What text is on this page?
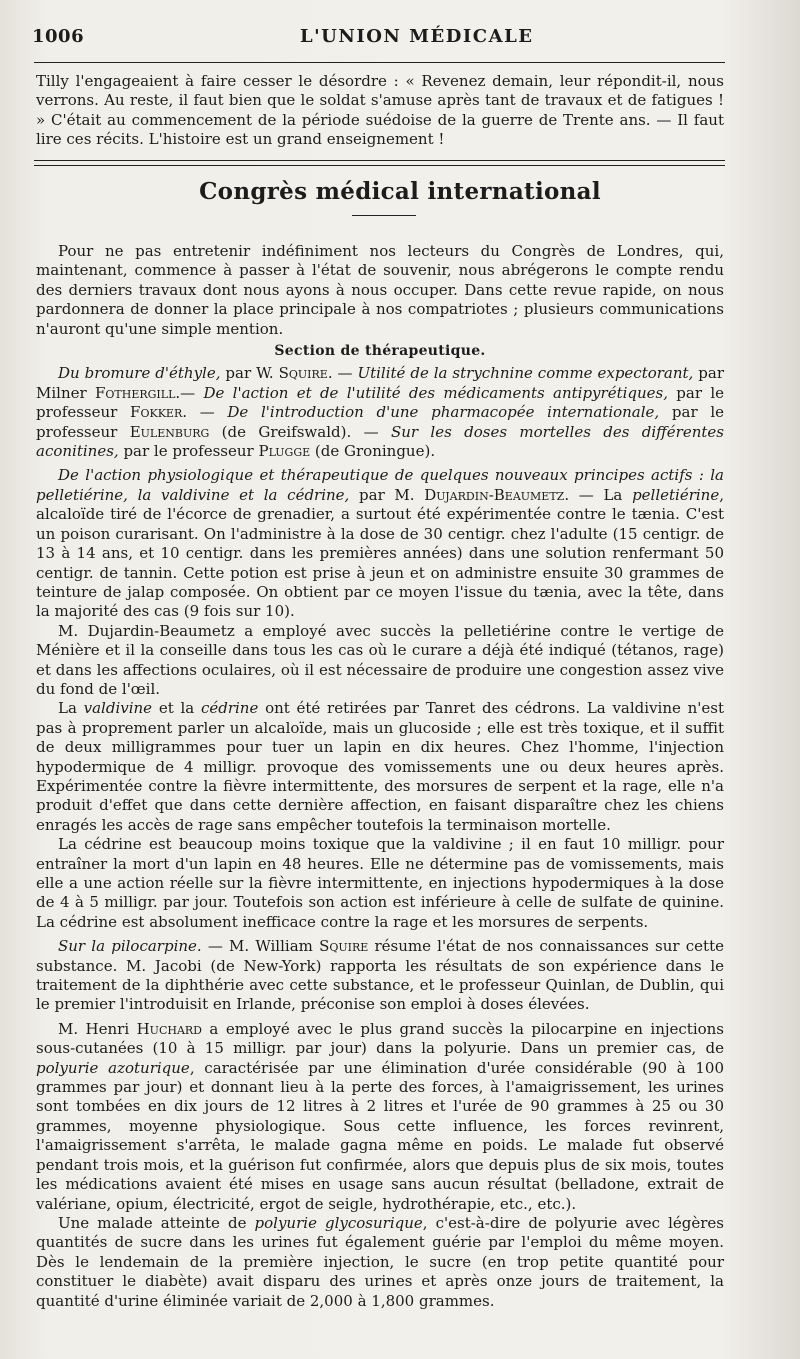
1006	L'UNION MÉDICALE

Tilly l'engageaient à faire cesser le désordre : « Revenez demain, leur répondit-il, nous verrons. Au reste, il faut bien que le soldat s'amuse après tant de travaux et de fatigues ! » C'était au commencement de la période suédoise de la guerre de Trente ans. — Il faut lire ces récits. L'histoire est un grand enseignement !

Congrès médical international

Pour ne pas entretenir indéfiniment nos lecteurs du Congrès de Londres, qui, maintenant, commence à passer à l'état de souvenir, nous abrégerons le compte rendu des derniers travaux dont nous ayons à nous occuper. Dans cette revue rapide, on nous pardonnera de donner la place principale à nos compatriotes ; plusieurs communications n'auront qu'une simple mention.

Section de thérapeutique.

Du bromure d'éthyle, par W. Squire. — Utilité de la strychnine comme expectorant, par Milner Fothergill.— De l'action et de l'utilité des médicaments antipyrétiques, par le professeur Fokker. — De l'introduction d'une pharmacopée internationale, par le professeur Eulenburg (de Greifswald). — Sur les doses mortelles des différentes aconitines, par le professeur Plugge (de Groningue).

De l'action physiologique et thérapeutique de quelques nouveaux principes actifs : la pelletiérine, la valdivine et la cédrine, par M. Dujardin-Beaumetz. — La pelletiérine, alcaloïde tiré de l'écorce de grenadier, a surtout été expérimentée contre le tænia. C'est un poison curarisant. On l'administre à la dose de 30 centigr. chez l'adulte (15 centigr. de 13 à 14 ans, et 10 centigr. dans les premières années) dans une solution renfermant 50 centigr. de tannin. Cette potion est prise à jeun et on administre ensuite 30 grammes de teinture de jalap composée. On obtient par ce moyen l'issue du tænia, avec la tête, dans la majorité des cas (9 fois sur 10).

M. Dujardin-Beaumetz a employé avec succès la pelletiérine contre le vertige de Ménière et il la conseille dans tous les cas où le curare a déjà été indiqué (tétanos, rage) et dans les affections oculaires, où il est nécessaire de produire une congestion assez vive du fond de l'œil.

La valdivine et la cédrine ont été retirées par Tanret des cédrons. La valdivine n'est pas à proprement parler un alcaloïde, mais un glucoside ; elle est très toxique, et il suffit de deux milligrammes pour tuer un lapin en dix heures. Chez l'homme, l'injection hypodermique de 4 milligr. provoque des vomissements une ou deux heures après. Expérimentée contre la fièvre intermittente, des morsures de serpent et la rage, elle n'a produit d'effet que dans cette dernière affection, en faisant disparaître chez les chiens enragés les accès de rage sans empêcher toutefois la terminaison mortelle.

La cédrine est beaucoup moins toxique que la valdivine ; il en faut 10 milligr. pour entraîner la mort d'un lapin en 48 heures. Elle ne détermine pas de vomissements, mais elle a une action réelle sur la fièvre intermittente, en injections hypodermiques à la dose de 4 à 5 milligr. par jour. Toutefois son action est inférieure à celle de sulfate de quinine. La cédrine est absolument inefficace contre la rage et les morsures de serpents.

Sur la pilocarpine. — M. William Squire résume l'état de nos connaissances sur cette substance. M. Jacobi (de New-York) rapporta les résultats de son expérience dans le traitement de la diphthérie avec cette substance, et le professeur Quinlan, de Dublin, qui le premier l'introduisit en Irlande, préconise son emploi à doses élevées.

M. Henri Huchard a employé avec le plus grand succès la pilocarpine en injections sous-cutanées (10 à 15 milligr. par jour) dans la polyurie. Dans un premier cas, de polyurie azoturique, caractérisée par une élimination d'urée considérable (90 à 100 grammes par jour) et donnant lieu à la perte des forces, à l'amaigrissement, les urines sont tombées en dix jours de 12 litres à 2 litres et l'urée de 90 grammes à 25 ou 30 grammes, moyenne physiologique. Sous cette influence, les forces revinrent, l'amaigrissement s'arrêta, le malade gagna même en poids. Le malade fut observé pendant trois mois, et la guérison fut confirmée, alors que depuis plus de six mois, toutes les médications avaient été mises en usage sans aucun résultat (belladone, extrait de valériane, opium, électricité, ergot de seigle, hydrothérapie, etc., etc.).

Une malade atteinte de polyurie glycosurique, c'est-à-dire de polyurie avec légères quantités de sucre dans les urines fut également guérie par l'emploi du même moyen. Dès le lendemain de la première injection, le sucre (en trop petite quantité pour constituer le diabète) avait disparu des urines et après onze jours de traitement, la quantité d'urine éliminée variait de 2,000 à 1,800 grammes.
